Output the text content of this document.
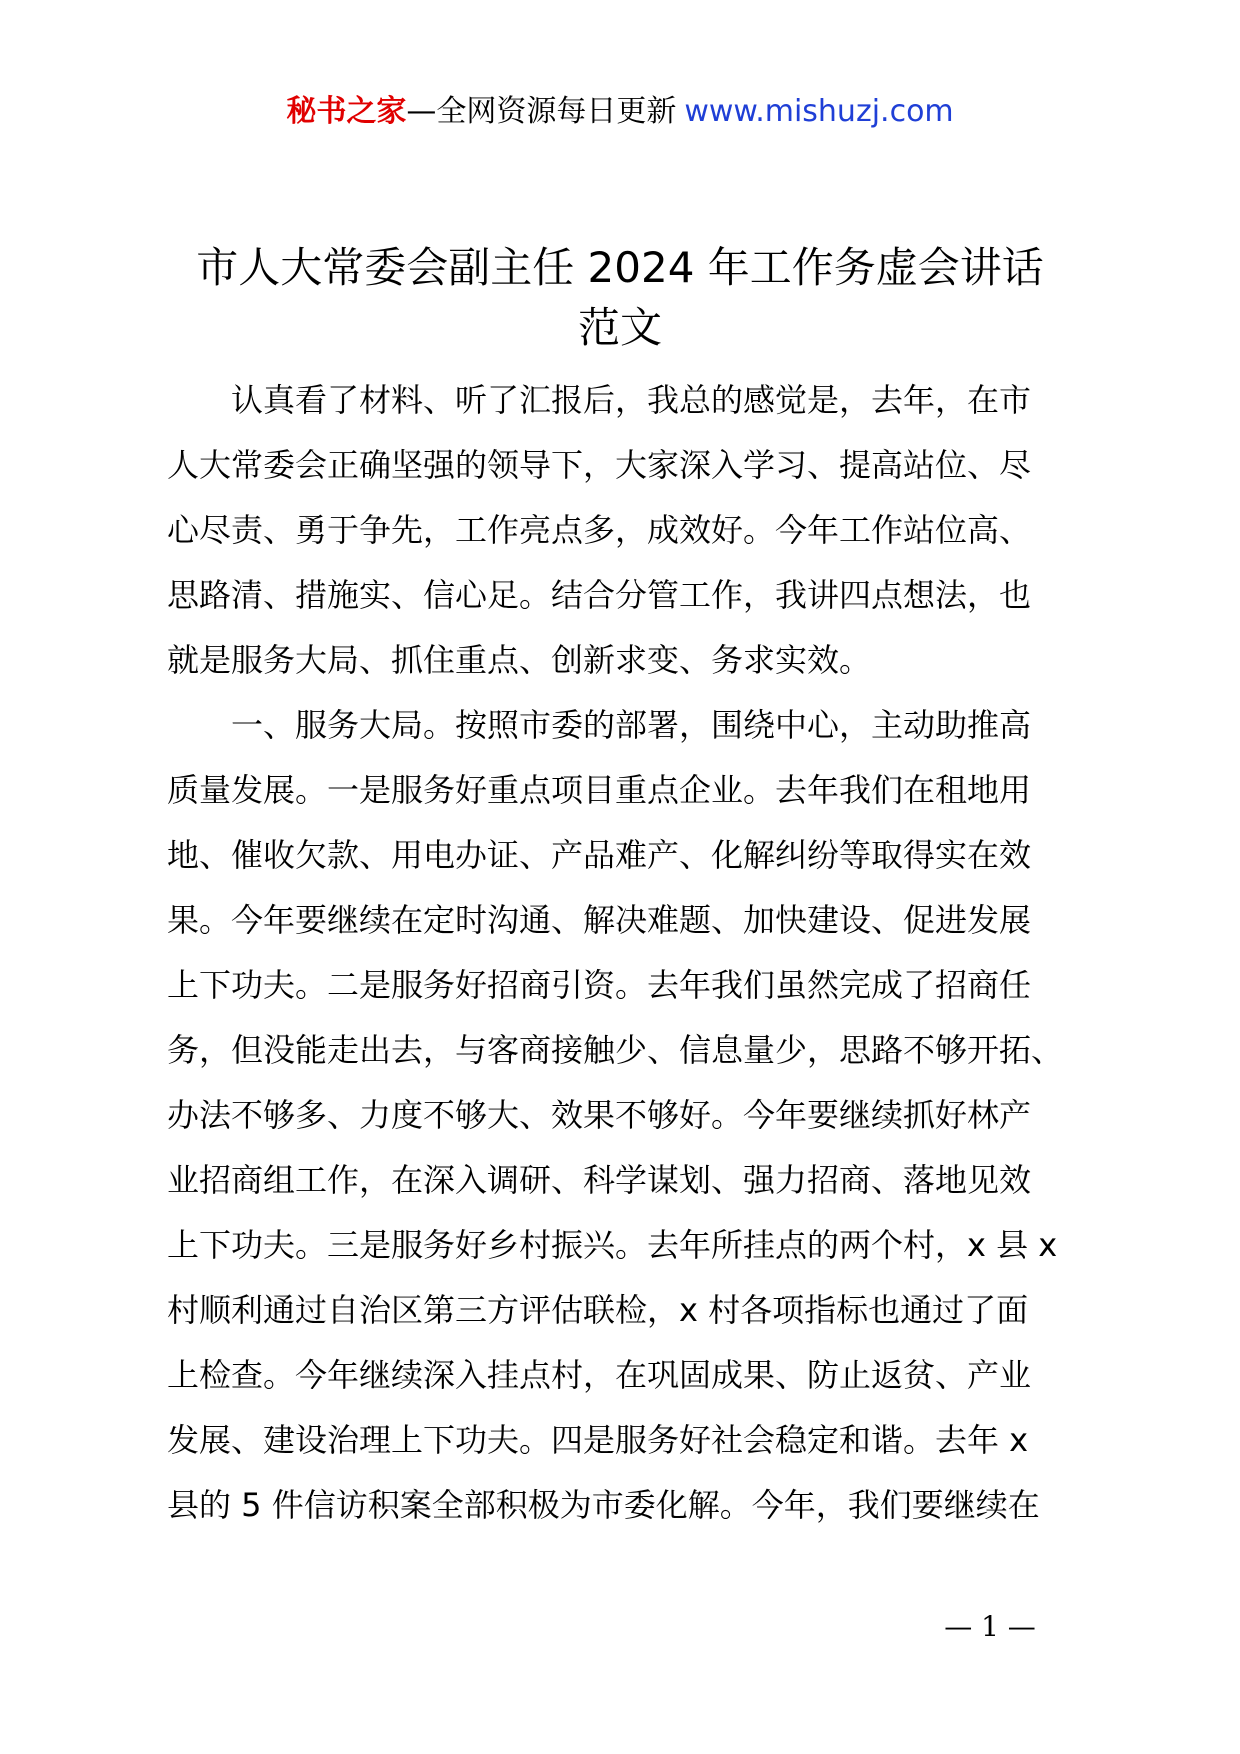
秘书之家—全网资源每日更新 www.mishuzj.com
市人大常委会副主任 2024 年工作务虚会讲话
范文
　　认真看了材料、听了汇报后，我总的感觉是，去年，在市
人大常委会正确坚强的领导下，大家深入学习、提高站位、尽
心尽责、勇于争先，工作亮点多，成效好。今年工作站位高、
思路清、措施实、信心足。结合分管工作，我讲四点想法，也
就是服务大局、抓住重点、创新求变、务求实效。
　　一、服务大局。按照市委的部署，围绕中心，主动助推高
质量发展。一是服务好重点项目重点企业。去年我们在租地用
地、催收欠款、用电办证、产品难产、化解纠纷等取得实在效
果。今年要继续在定时沟通、解决难题、加快建设、促进发展
上下功夫。二是服务好招商引资。去年我们虽然完成了招商任
务，但没能走出去，与客商接触少、信息量少，思路不够开拓、
办法不够多、力度不够大、效果不够好。今年要继续抓好林产
业招商组工作，在深入调研、科学谋划、强力招商、落地见效
上下功夫。三是服务好乡村振兴。去年所挂点的两个村，x 县 x
村顺利通过自治区第三方评估联检，x 村各项指标也通过了面
上检查。今年继续深入挂点村，在巩固成果、防止返贫、产业
发展、建设治理上下功夫。四是服务好社会稳定和谐。去年 x
县的 5 件信访积案全部积极为市委化解。今年，我们要继续在
— 1 —
